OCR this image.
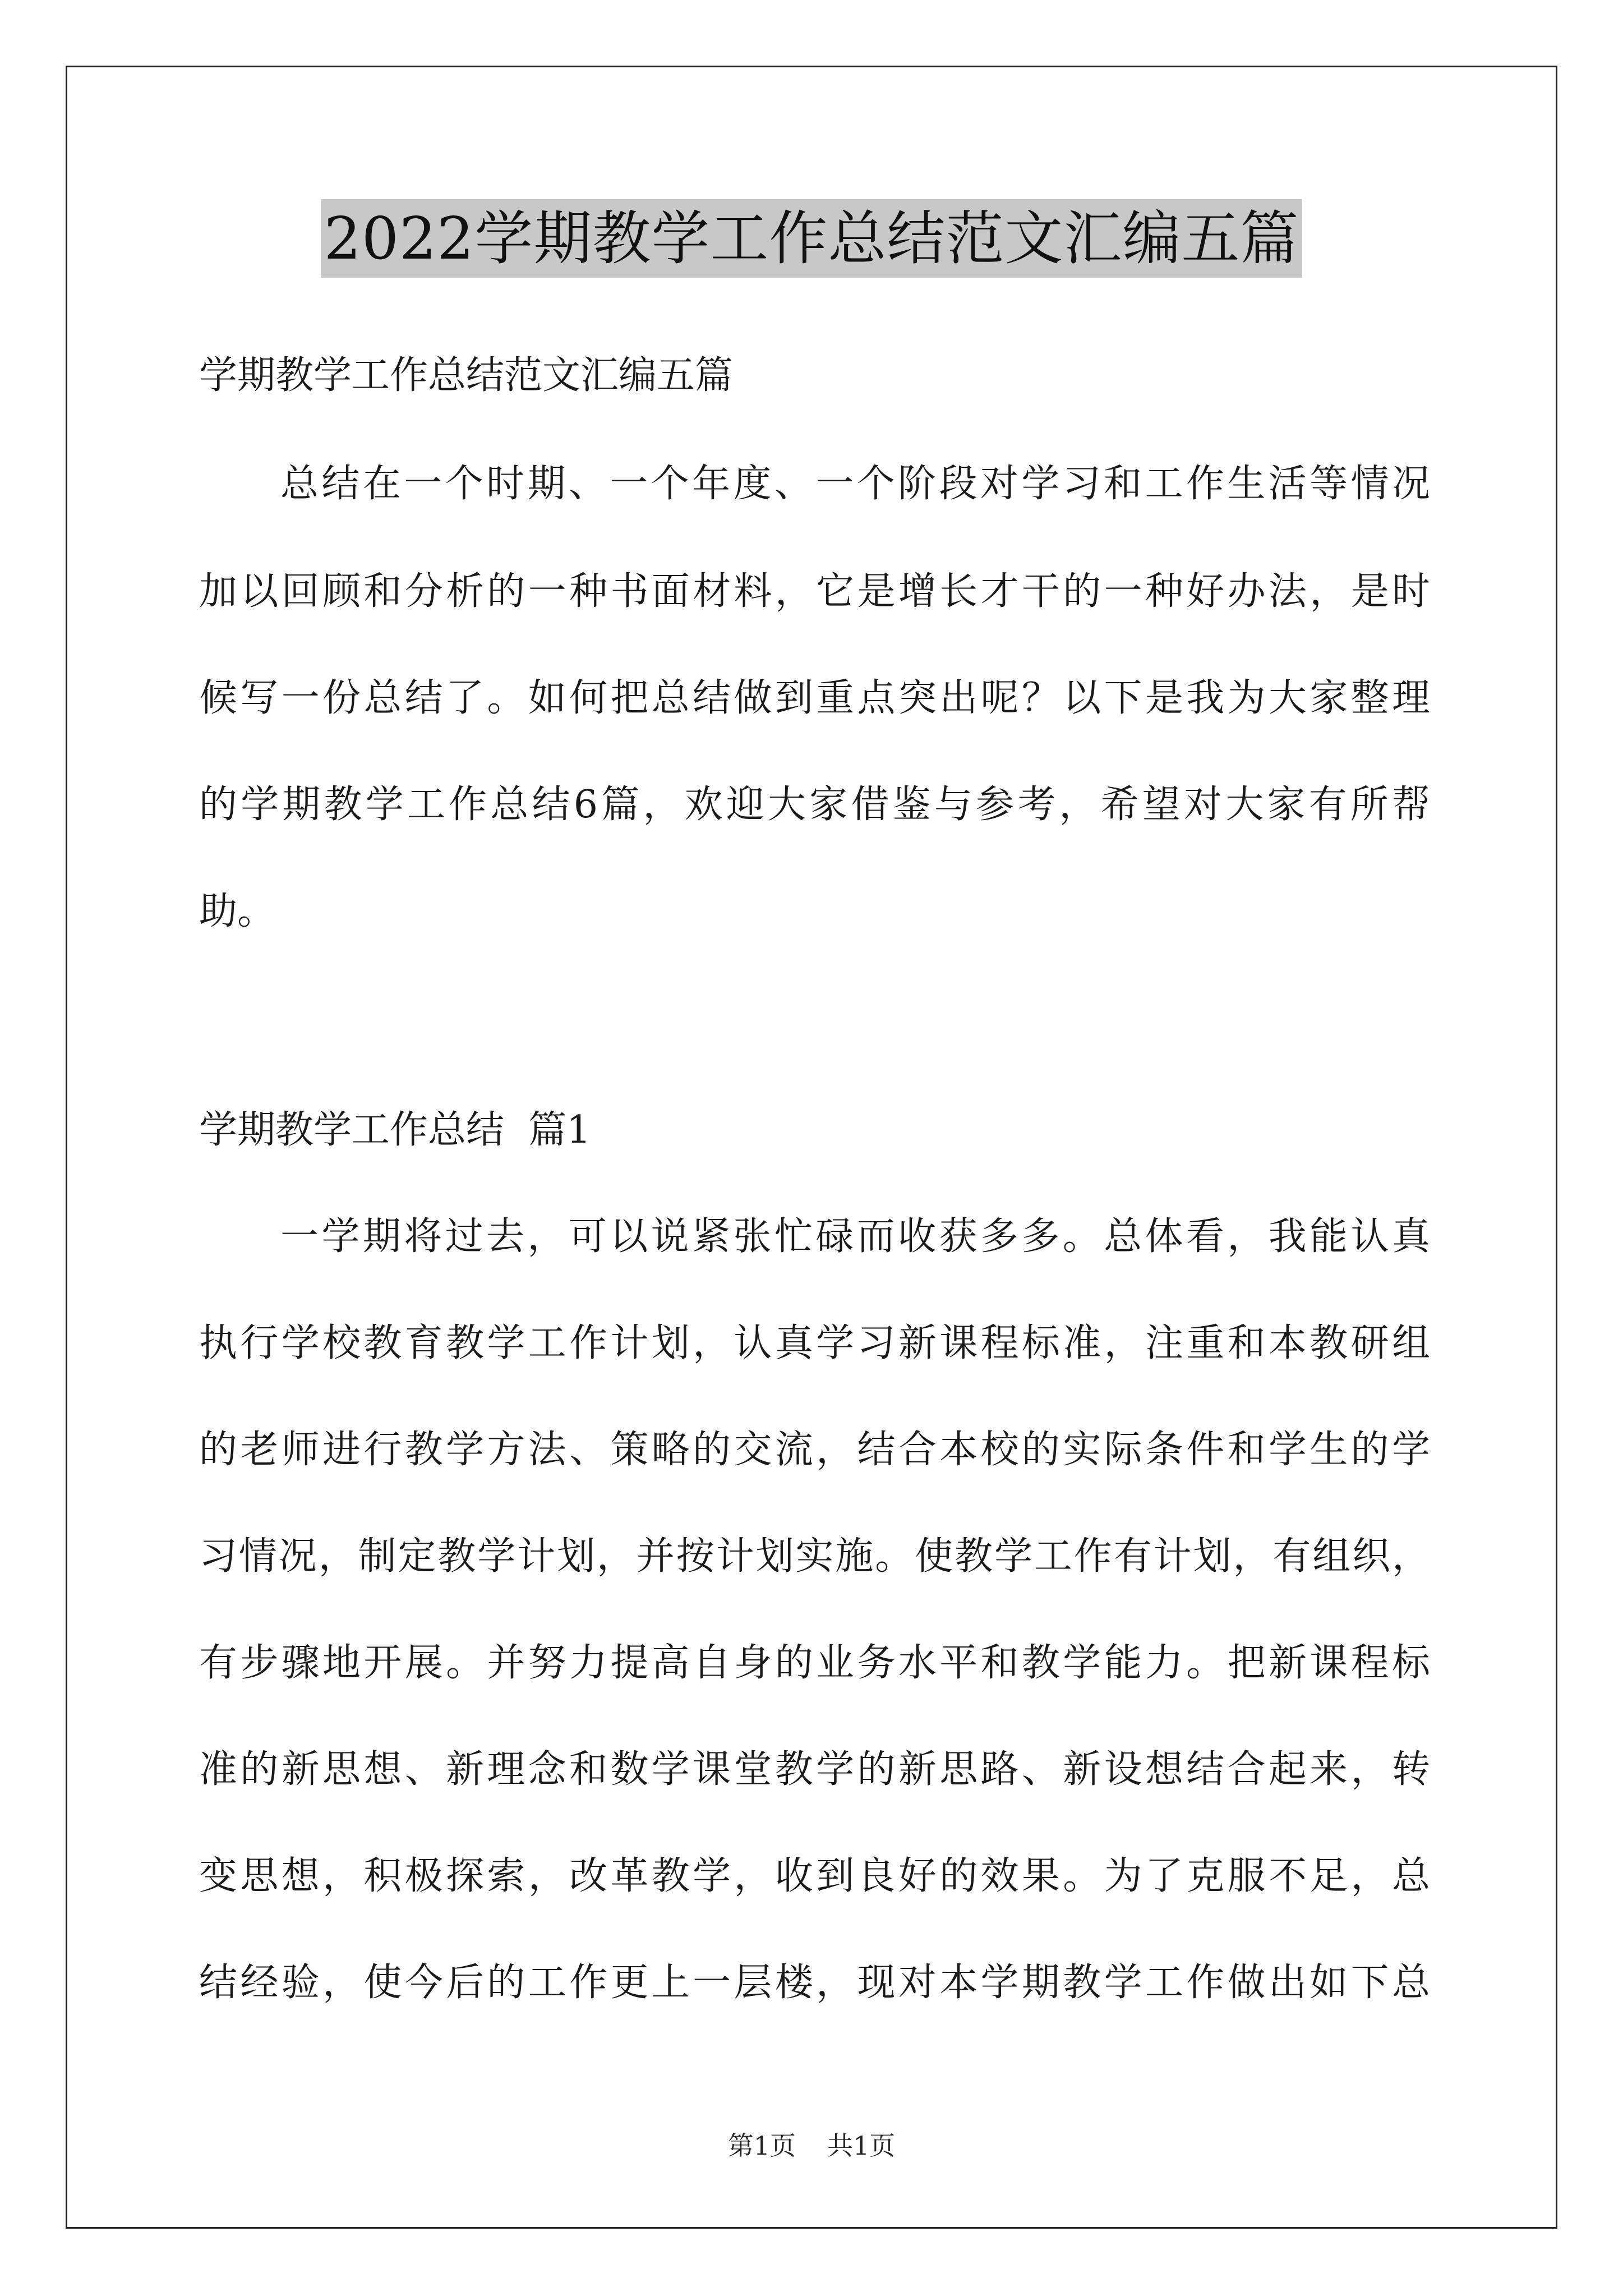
2022学期教学工作总结范文汇编五篇
学期教学工作总结范文汇编五篇
总结在一个时期、一个年度、一个阶段对学习和工作生活等情况
加以回顾和分析的一种书面材料，它是增长才干的一种好办法，是时
候写一份总结了。如何把总结做到重点突出呢？以下是我为大家整理
的学期教学工作总结6篇，欢迎大家借鉴与参考，希望对大家有所帮
助。
学期教学工作总结  篇1
一学期将过去，可以说紧张忙碌而收获多多。总体看，我能认真
执行学校教育教学工作计划，认真学习新课程标准，注重和本教研组
的老师进行教学方法、策略的交流，结合本校的实际条件和学生的学
习情况，制定教学计划，并按计划实施。使教学工作有计划，有组织，
有步骤地开展。并努力提高自身的业务水平和教学能力。把新课程标
准的新思想、新理念和数学课堂教学的新思路、新设想结合起来，转
变思想，积极探索，改革教学，收到良好的效果。为了克服不足，总
结经验，使今后的工作更上一层楼，现对本学期教学工作做出如下总
第1页 共1页
